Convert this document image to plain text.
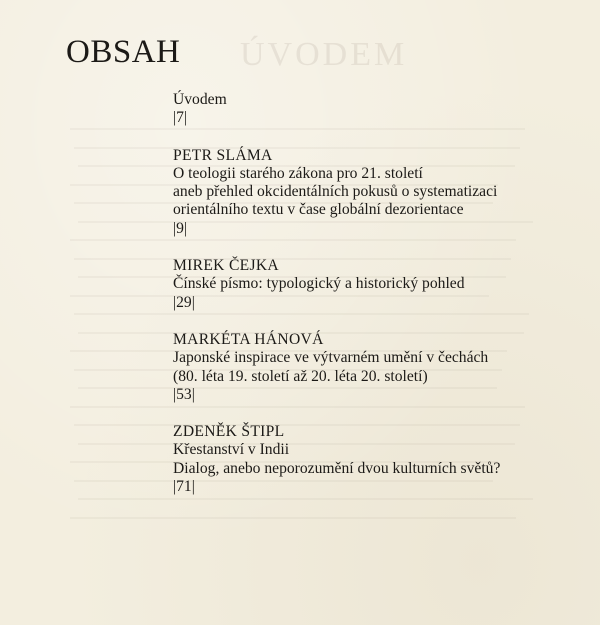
ÚVODEM
OBSAH
Úvodem
|7|
PETR SLÁMA
O teologii starého zákona pro 21. století
aneb přehled okcidentálních pokusů o systematizaci
orientálního textu v čase globální dezorientace
|9|
MIREK ČEJKA
Čínské písmo: typologický a historický pohled
|29|
MARKÉTA HÁNOVÁ
Japonské inspirace ve výtvarném umění v čechách
(80. léta 19. století až 20. léta 20. století)
|53|
ZDENĚK ŠTIPL
Křestanství v Indii
Dialog, anebo neporozumění dvou kulturních světů?
|71|
